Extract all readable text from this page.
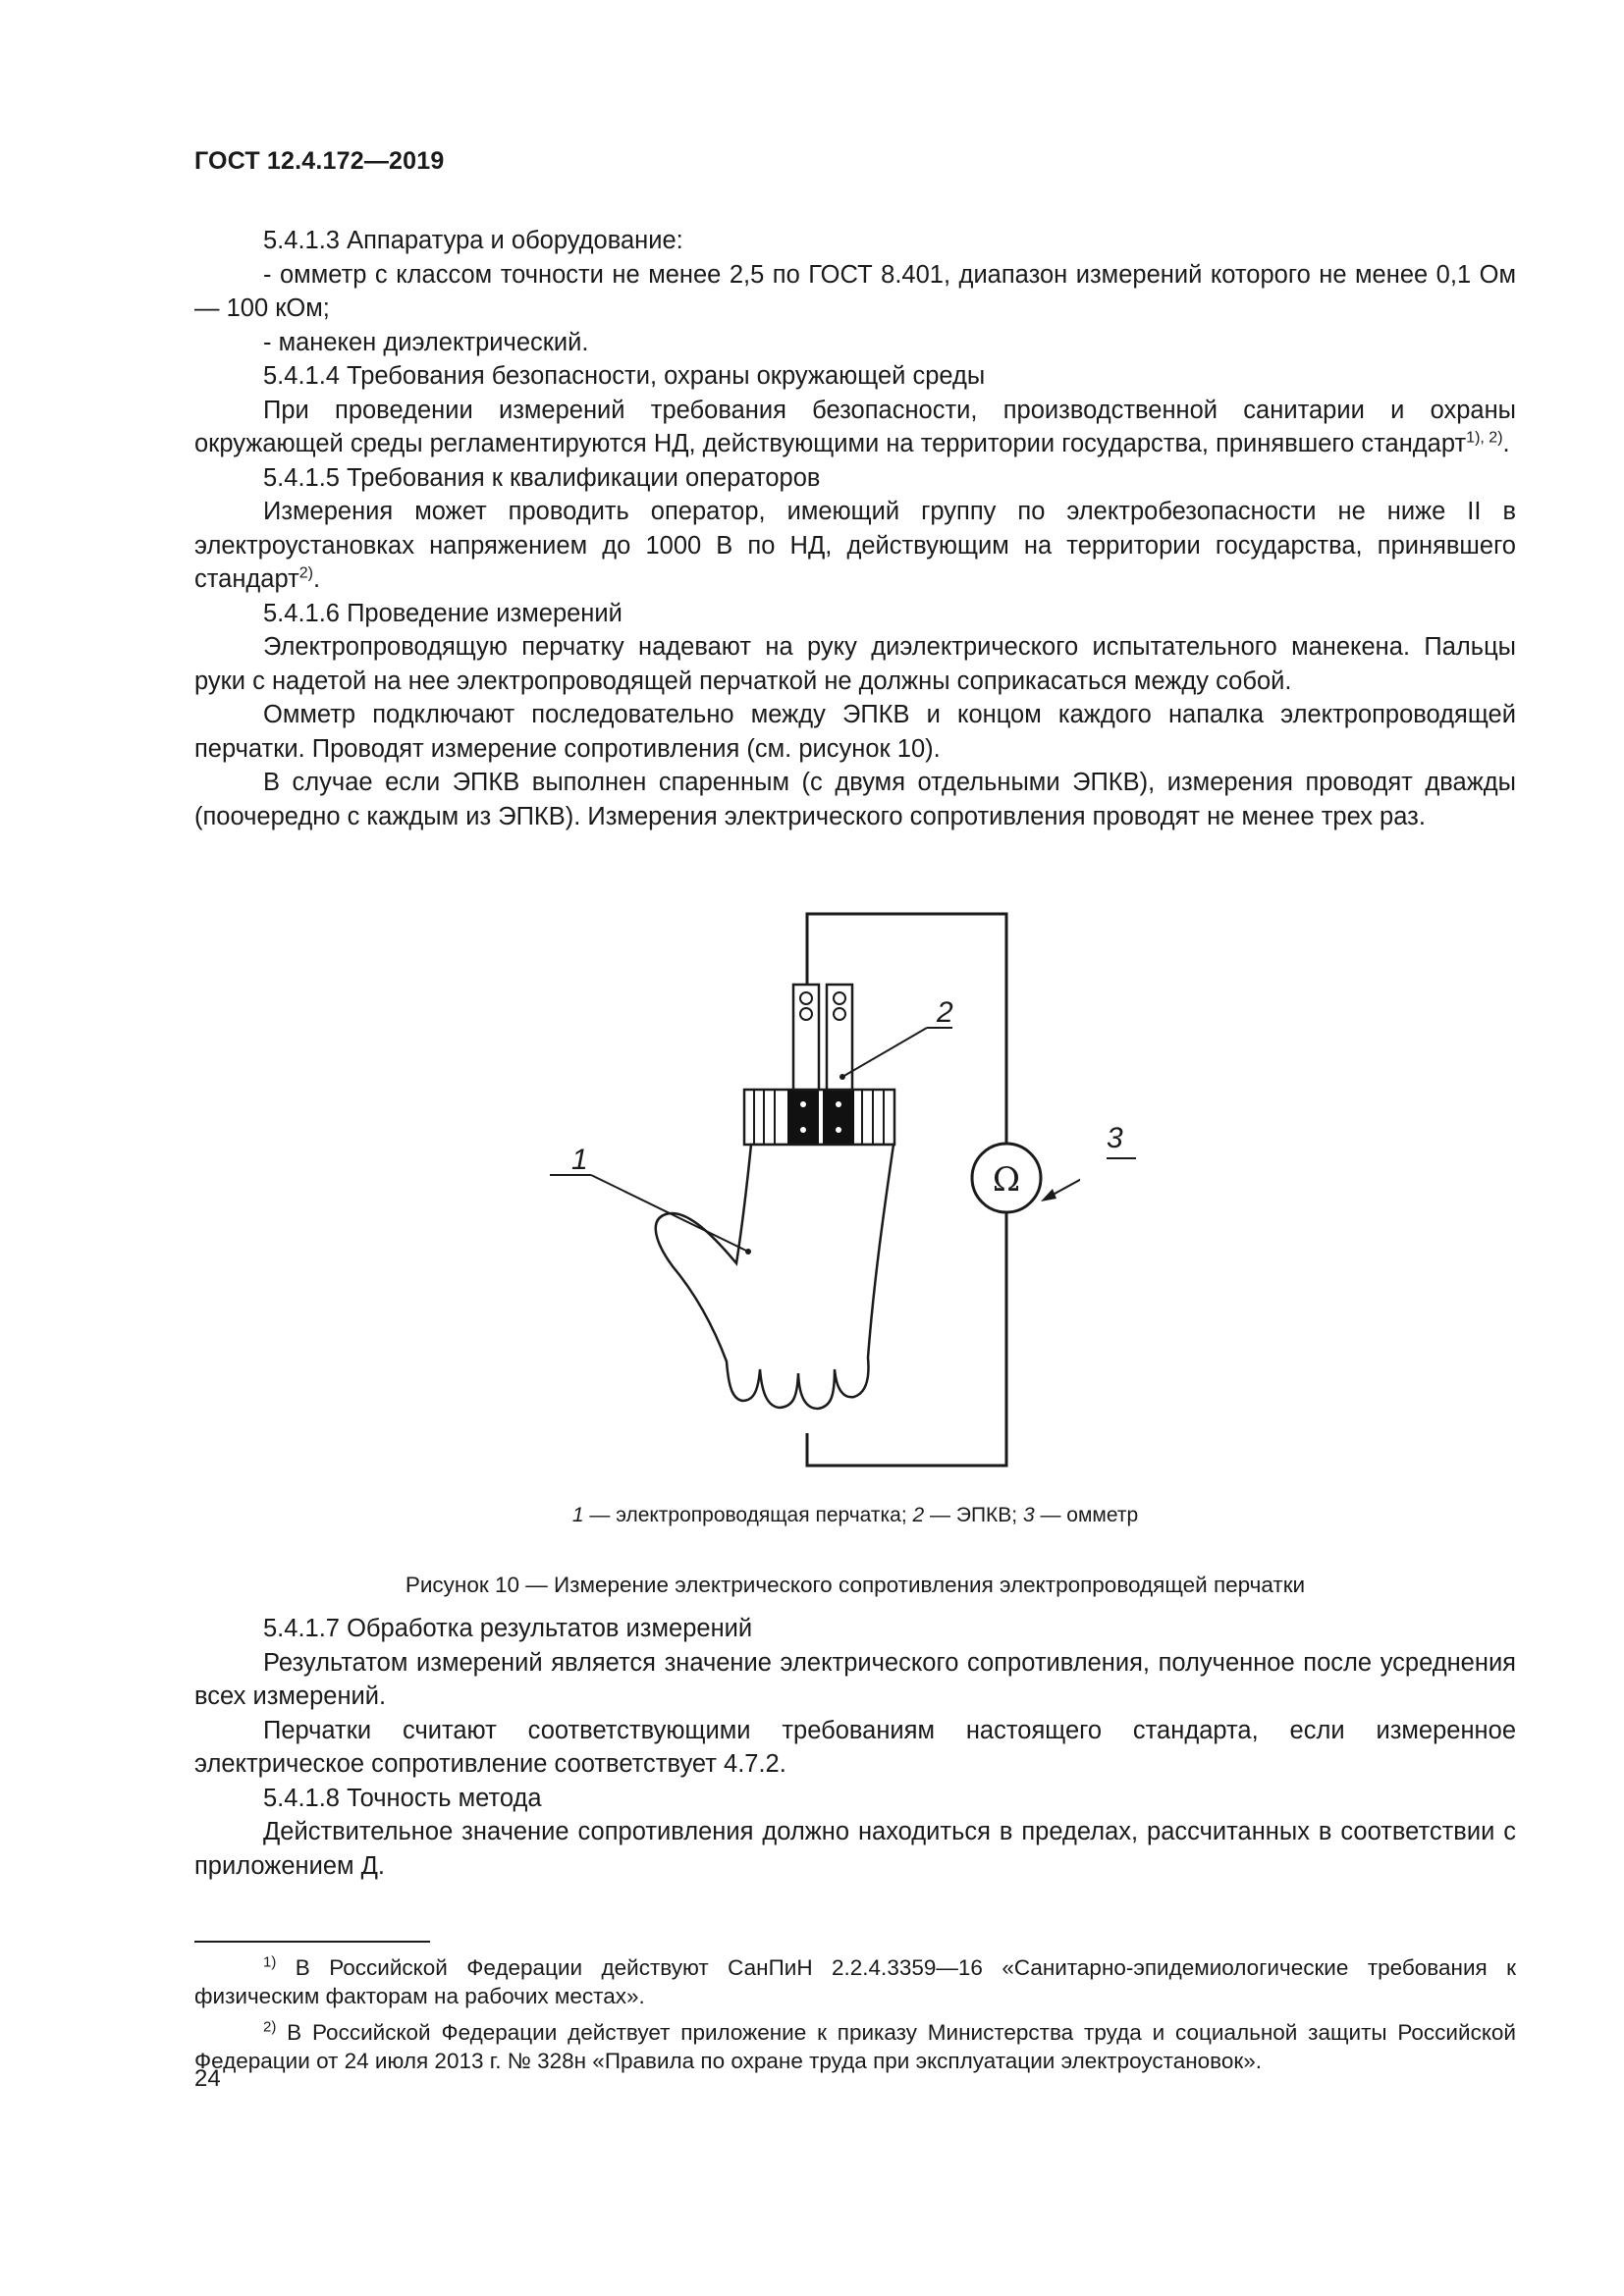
ГОСТ 12.4.172—2019

5.4.1.3 Аппаратура и оборудование:

- омметр с классом точности не менее 2,5 по ГОСТ 8.401, диапазон измерений которого не менее 0,1 Ом — 100 кОм;

- манекен диэлектрический.

5.4.1.4 Требования безопасности, охраны окружающей среды

При проведении измерений требования безопасности, производственной санитарии и охраны окружающей среды регламентируются НД, действующими на территории государства, принявшего стандарт$^{1), 2)}$.

5.4.1.5 Требования к квалификации операторов

Измерения может проводить оператор, имеющий группу по электробезопасности не ниже II в электроустановках напряжением до 1000 В по НД, действующим на территории государства, принявшего стандарт$^{2)}$.

5.4.1.6 Проведение измерений

Электропроводящую перчатку надевают на руку диэлектрического испытательного манекена. Пальцы руки с надетой на нее электропроводящей перчаткой не должны соприкасаться между собой.

Омметр подключают последовательно между ЭПКВ и концом каждого напалка электропроводящей перчатки. Проводят измерение сопротивления (см. рисунок 10).

В случае если ЭПКВ выполнен спаренным (с двумя отдельными ЭПКВ), измерения проводят дважды (поочередно с каждым из ЭПКВ). Измерения электрического сопротивления проводят не менее трех раз.

Ω
1
2
3
1 — электропроводящая перчатка; 2 — ЭПКВ; 3 — омметр
Рисунок 10 — Измерение электрического сопротивления электропроводящей перчатки

5.4.1.7 Обработка результатов измерений

Результатом измерений является значение электрического сопротивления, полученное после усреднения всех измерений.

Перчатки считают соответствующими требованиям настоящего стандарта, если измеренное электрическое сопротивление соответствует 4.7.2.

5.4.1.8 Точность метода

Действительное значение сопротивления должно находиться в пределах, рассчитанных в соответствии с приложением Д.

$^{1)}$ В Российской Федерации действуют СанПиН 2.2.4.3359—16 «Санитарно-эпидемиологические требования к физическим факторам на рабочих местах».

$^{2)}$ В Российской Федерации действует приложение к приказу Министерства труда и социальной защиты Российской Федерации от 24 июля 2013 г. № 328н «Правила по охране труда при эксплуатации электроустановок».

24
